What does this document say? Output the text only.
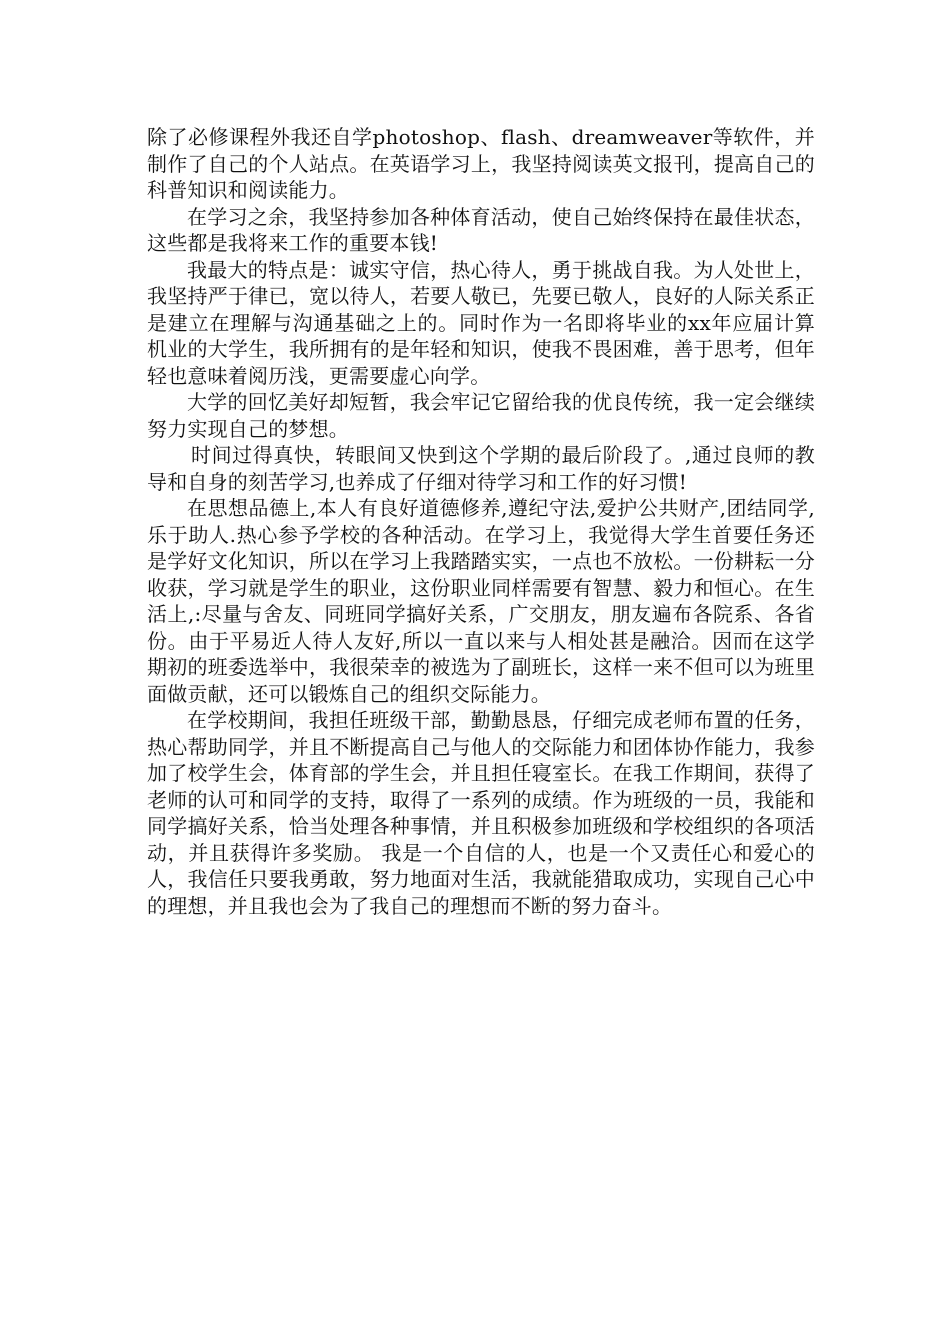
除了必修课程外我还自学photoshop、flash、dreamweaver等软件，并制作了自己的个人站点。在英语学习上，我坚持阅读英文报刊，提高自己的科普知识和阅读能力。

在学习之余，我坚持参加各种体育活动，使自己始终保持在最佳状态，这些都是我将来工作的重要本钱!

我最大的特点是：诚实守信，热心待人，勇于挑战自我。为人处世上，我坚持严于律已，宽以待人，若要人敬已，先要已敬人，良好的人际关系正是建立在理解与沟通基础之上的。同时作为一名即将毕业的xx年应届计算机业的大学生，我所拥有的是年轻和知识，使我不畏困难，善于思考，但年轻也意味着阅历浅，更需要虚心向学。

大学的回忆美好却短暂，我会牢记它留给我的优良传统，我一定会继续努力实现自己的梦想。

时间过得真快，转眼间又快到这个学期的最后阶段了。,通过良师的教导和自身的刻苦学习,也养成了仔细对待学习和工作的好习惯!

在思想品德上,本人有良好道德修养,遵纪守法,爱护公共财产,团结同学,乐于助人.热心参予学校的各种活动。在学习上，我觉得大学生首要任务还是学好文化知识，所以在学习上我踏踏实实，一点也不放松。一份耕耘一分收获，学习就是学生的职业，这份职业同样需要有智慧、毅力和恒心。在生活上,:尽量与舍友、同班同学搞好关系，广交朋友，朋友遍布各院系、各省份。由于平易近人待人友好,所以一直以来与人相处甚是融洽。因而在这学期初的班委选举中，我很荣幸的被选为了副班长，这样一来不但可以为班里面做贡献，还可以锻炼自己的组织交际能力。

在学校期间，我担任班级干部，勤勤恳恳，仔细完成老师布置的任务，热心帮助同学，并且不断提高自己与他人的交际能力和团体协作能力，我参加了校学生会，体育部的学生会，并且担任寝室长。在我工作期间，获得了老师的认可和同学的支持，取得了一系列的成绩。作为班级的一员，我能和同学搞好关系，恰当处理各种事情，并且积极参加班级和学校组织的各项活动，并且获得许多奖励。 我是一个自信的人，也是一个又责任心和爱心的人，我信任只要我勇敢，努力地面对生活，我就能猎取成功，实现自己心中的理想，并且我也会为了我自己的理想而不断的努力奋斗。
